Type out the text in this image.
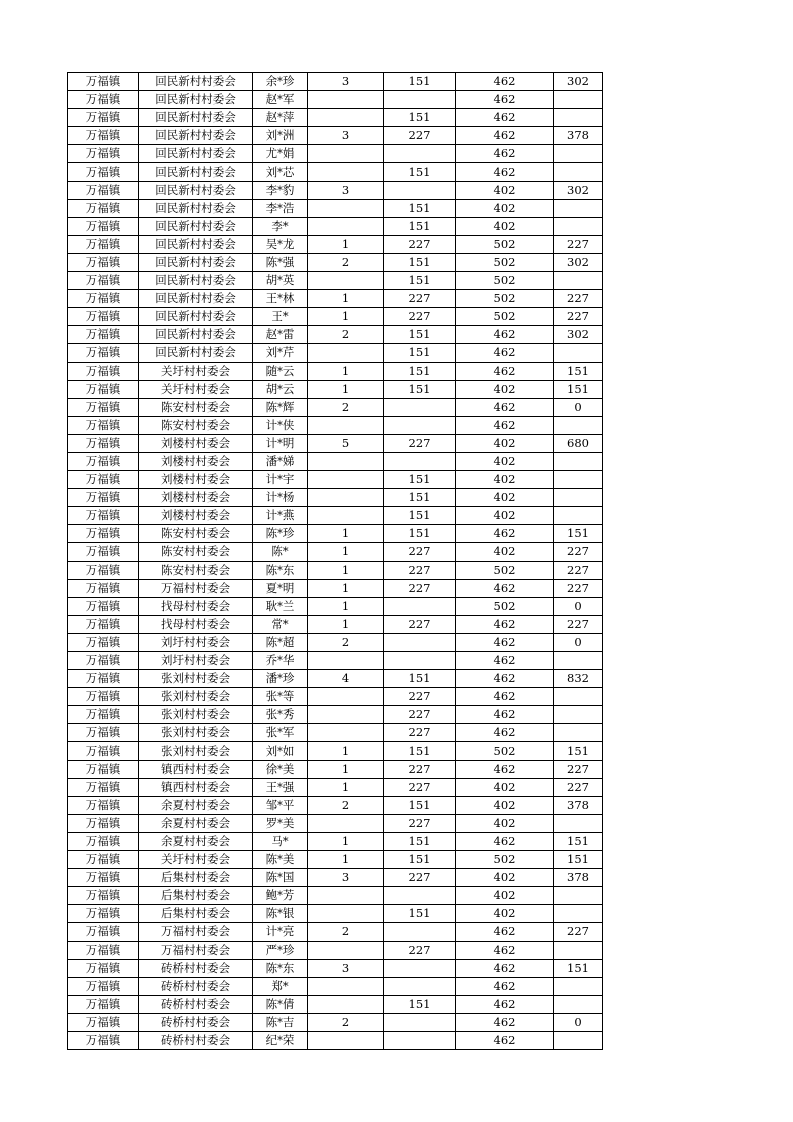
万福镇	回民新村村委会	余*珍	3	151	462	302
万福镇	回民新村村委会	赵*军			462	
万福镇	回民新村村委会	赵*萍		151	462	
万福镇	回民新村村委会	刘*洲	3	227	462	378
万福镇	回民新村村委会	尤*娟			462	
万福镇	回民新村村委会	刘*芯		151	462	
万福镇	回民新村村委会	李*豹	3		402	302
万福镇	回民新村村委会	李*浩		151	402	
万福镇	回民新村村委会	李*		151	402	
万福镇	回民新村村委会	吴*龙	1	227	502	227
万福镇	回民新村村委会	陈*强	2	151	502	302
万福镇	回民新村村委会	胡*英		151	502	
万福镇	回民新村村委会	王*林	1	227	502	227
万福镇	回民新村村委会	王*	1	227	502	227
万福镇	回民新村村委会	赵*雷	2	151	462	302
万福镇	回民新村村委会	刘*芹		151	462	
万福镇	关圩村村委会	随*云	1	151	462	151
万福镇	关圩村村委会	胡*云	1	151	402	151
万福镇	陈安村村委会	陈*辉	2		462	0
万福镇	陈安村村委会	计*侠			462	
万福镇	刘楼村村委会	计*明	5	227	402	680
万福镇	刘楼村村委会	潘*娣			402	
万福镇	刘楼村村委会	计*宇		151	402	
万福镇	刘楼村村委会	计*杨		151	402	
万福镇	刘楼村村委会	计*燕		151	402	
万福镇	陈安村村委会	陈*珍	1	151	462	151
万福镇	陈安村村委会	陈*	1	227	402	227
万福镇	陈安村村委会	陈*东	1	227	502	227
万福镇	万福村村委会	夏*明	1	227	462	227
万福镇	找母村村委会	耿*兰	1		502	0
万福镇	找母村村委会	常*	1	227	462	227
万福镇	刘圩村村委会	陈*超	2		462	0
万福镇	刘圩村村委会	乔*华			462	
万福镇	张刘村村委会	潘*珍	4	151	462	832
万福镇	张刘村村委会	张*等		227	462	
万福镇	张刘村村委会	张*秀		227	462	
万福镇	张刘村村委会	张*军		227	462	
万福镇	张刘村村委会	刘*如	1	151	502	151
万福镇	镇西村村委会	徐*美	1	227	462	227
万福镇	镇西村村委会	王*强	1	227	402	227
万福镇	余夏村村委会	邹*平	2	151	402	378
万福镇	余夏村村委会	罗*美		227	402	
万福镇	余夏村村委会	马*	1	151	462	151
万福镇	关圩村村委会	陈*美	1	151	502	151
万福镇	后集村村委会	陈*国	3	227	402	378
万福镇	后集村村委会	鲍*芳			402	
万福镇	后集村村委会	陈*银		151	402	
万福镇	万福村村委会	计*亮	2		462	227
万福镇	万福村村委会	严*珍		227	462	
万福镇	砖桥村村委会	陈*东	3		462	151
万福镇	砖桥村村委会	郑*			462	
万福镇	砖桥村村委会	陈*倩		151	462	
万福镇	砖桥村村委会	陈*吉	2		462	0
万福镇	砖桥村村委会	纪*荣			462	
